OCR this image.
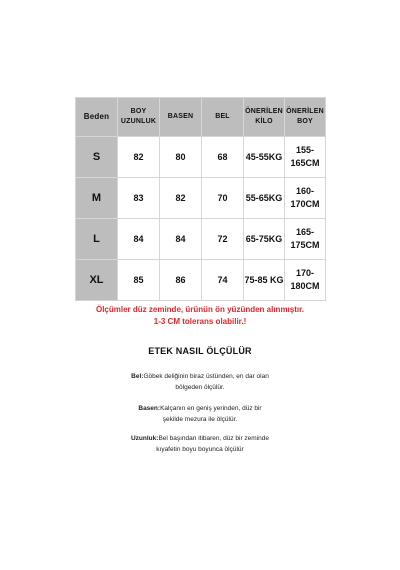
Beden	BOY UZUNLUK	BASEN	BEL	ÖNERİLEN KİLO	ÖNERİLEN BOY
S	82	80	68	45-55KG	155-165CM
M	83	82	70	55-65KG	160-170CM
L	84	84	72	65-75KG	165-175CM
XL	85	86	74	75-85 KG	170-180CM
Ölçümler düz zeminde, ürünün ön yüzünden alınmıştır.
1-3 CM tolerans olabilir.!
ETEK NASIL ÖLÇÜLÜR
Bel:Göbek deliğinin biraz üstünden, en dar olan
bölgeden ölçülür.
Basen:Kalçanın en geniş yerinden, düz bir
şekilde mezura ile ölçülür.
Uzunluk:Bel başından itibaren, düz bir zeminde
kıyafetin boyu boyunca ölçülür
